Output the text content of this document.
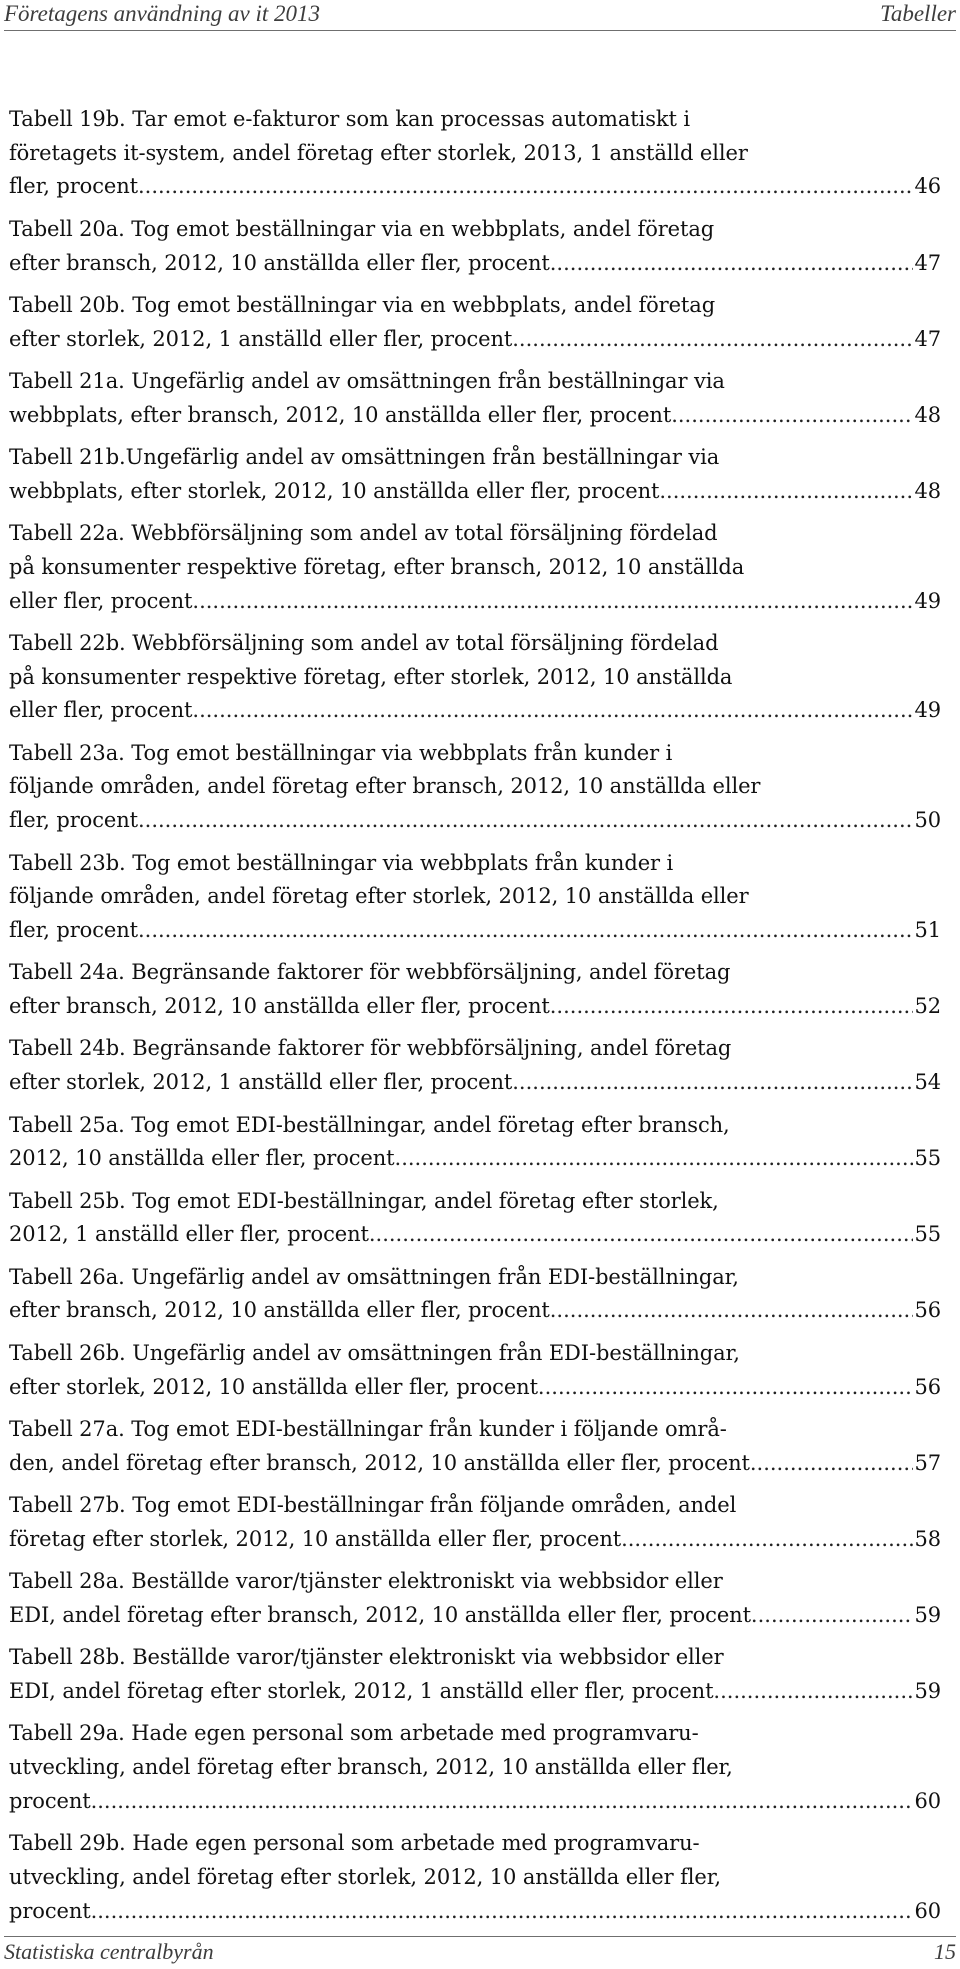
Företagens användning av it 2013	Tabeller
Tabell 19b. Tar emot e-fakturor som kan processas automatiskt i
företagets it-system, andel företag efter storlek, 2013, 1 anställd eller
fler, procent .....	46
Tabell 20a. Tog emot beställningar via en webbplats, andel företag
efter bransch, 2012, 10 anställda eller fler, procent .....	47
Tabell 20b. Tog emot beställningar via en webbplats, andel företag
efter storlek, 2012, 1 anställd eller fler, procent .....	47
Tabell 21a. Ungefärlig andel av omsättningen från beställningar via
webbplats, efter bransch, 2012, 10 anställda eller fler, procent .....	48
Tabell 21b.Ungefärlig andel av omsättningen från beställningar via
webbplats, efter storlek, 2012, 10 anställda eller fler, procent .....	48
Tabell 22a. Webbförsäljning som andel av total försäljning fördelad
på konsumenter respektive företag, efter bransch, 2012, 10 anställda
eller fler, procent .....	49
Tabell 22b. Webbförsäljning som andel av total försäljning fördelad
på konsumenter respektive företag, efter storlek, 2012, 10 anställda
eller fler, procent .....	49
Tabell 23a. Tog emot beställningar via webbplats från kunder i
följande områden, andel företag efter bransch, 2012, 10 anställda eller
fler, procent .....	50
Tabell 23b. Tog emot beställningar via webbplats från kunder i
följande områden, andel företag efter storlek, 2012, 10 anställda eller
fler, procent .....	51
Tabell 24a. Begränsande faktorer för webbförsäljning, andel företag
efter bransch, 2012, 10 anställda eller fler, procent .....	52
Tabell 24b. Begränsande faktorer för webbförsäljning, andel företag
efter storlek, 2012, 1 anställd eller fler, procent .....	54
Tabell 25a. Tog emot EDI-beställningar, andel företag efter bransch,
2012, 10 anställda eller fler, procent .....	55
Tabell 25b. Tog emot EDI-beställningar, andel företag efter storlek,
2012, 1 anställd eller fler, procent .....	55
Tabell 26a. Ungefärlig andel av omsättningen från EDI-beställningar,
efter bransch, 2012, 10 anställda eller fler, procent .....	56
Tabell 26b. Ungefärlig andel av omsättningen från EDI-beställningar,
efter storlek, 2012, 10 anställda eller fler, procent .....	56
Tabell 27a. Tog emot EDI-beställningar från kunder i följande områ-
den, andel företag efter bransch, 2012, 10 anställda eller fler, procent .....	57
Tabell 27b. Tog emot EDI-beställningar från följande områden, andel
företag efter storlek, 2012, 10 anställda eller fler, procent .....	58
Tabell 28a. Beställde varor/tjänster elektroniskt via webbsidor eller
EDI, andel företag efter bransch, 2012, 10 anställda eller fler, procent .....	59
Tabell 28b. Beställde varor/tjänster elektroniskt via webbsidor eller
EDI, andel företag efter storlek, 2012, 1 anställd eller fler, procent .....	59
Tabell 29a. Hade egen personal som arbetade med programvaru-
utveckling, andel företag efter bransch, 2012, 10 anställda eller fler,
procent .....	60
Tabell 29b. Hade egen personal som arbetade med programvaru-
utveckling, andel företag efter storlek, 2012, 10 anställda eller fler,
procent .....	60
Statistiska centralbyrån	15
